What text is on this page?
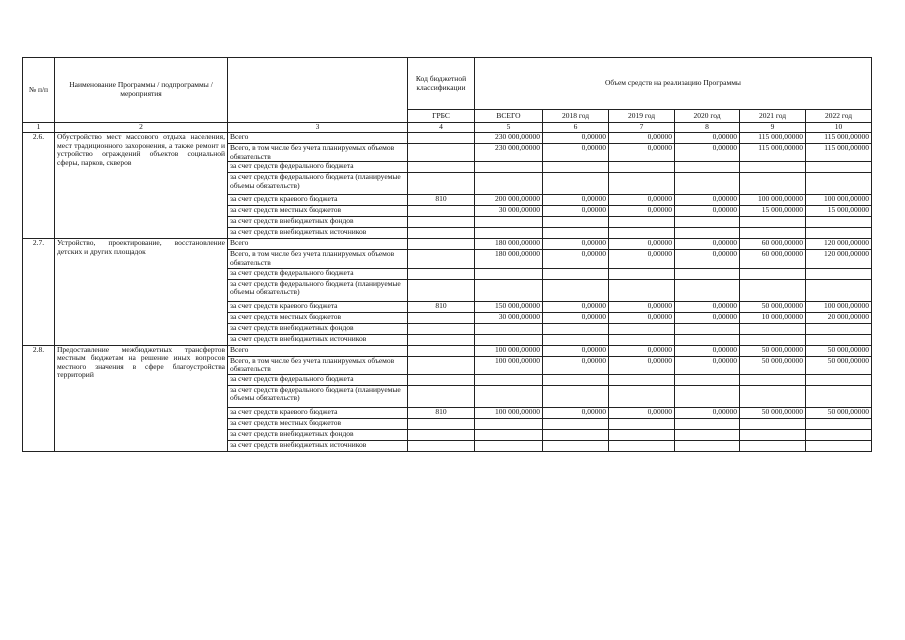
№ п/п	Наименование Программы / подпрограммы / мероприятия		Код бюджетной классификации	Объем средств на реализацию Программы					
			ГРБС	ВСЕГО	2018 год	2019 год	2020 год	2021 год	2022 год
1	2	3	4	5	6	7	8	9	10
2.6.	Обустройство мест массового отдыха населения, мест традиционного захоронения, а также ремонт и устройство ограждений объектов социальной сферы, парков, скверов	Всего		230 000,00000	0,00000	0,00000	0,00000	115 000,00000	115 000,00000
		Всего, в том числе без учета планируемых объемов обязательств		230 000,00000	0,00000	0,00000	0,00000	115 000,00000	115 000,00000
		за счет средств федерального бюджета							
		за счет средств федерального бюджета (планируемые объемы обязательств)							
		за счет средств краевого бюджета	810	200 000,00000	0,00000	0,00000	0,00000	100 000,00000	100 000,00000
		за счет средств местных бюджетов		30 000,00000	0,00000	0,00000	0,00000	15 000,00000	15 000,00000
		за счет средств внебюджетных фондов							
		за счет средств внебюджетных источников							
2.7.	Устройство, проектирование, восстановление детских и других площадок	Всего		180 000,00000	0,00000	0,00000	0,00000	60 000,00000	120 000,00000
		Всего, в том числе без учета планируемых объемов обязательств		180 000,00000	0,00000	0,00000	0,00000	60 000,00000	120 000,00000
		за счет средств федерального бюджета							
		за счет средств федерального бюджета (планируемые объемы обязательств)							
		за счет средств краевого бюджета	810	150 000,00000	0,00000	0,00000	0,00000	50 000,00000	100 000,00000
		за счет средств местных бюджетов		30 000,00000	0,00000	0,00000	0,00000	10 000,00000	20 000,00000
		за счет средств внебюджетных фондов							
		за счет средств внебюджетных источников							
2.8.	Предоставление межбюджетных трансфертов местным бюджетам на решение иных вопросов местного значения в сфере благоустройства территорий	Всего		100 000,00000	0,00000	0,00000	0,00000	50 000,00000	50 000,00000
		Всего, в том числе без учета планируемых объемов обязательств		100 000,00000	0,00000	0,00000	0,00000	50 000,00000	50 000,00000
		за счет средств федерального бюджета							
		за счет средств федерального бюджета (планируемые объемы обязательств)							
		за счет средств краевого бюджета	810	100 000,00000	0,00000	0,00000	0,00000	50 000,00000	50 000,00000
		за счет средств местных бюджетов							
		за счет средств внебюджетных фондов							
		за счет средств внебюджетных источников							
